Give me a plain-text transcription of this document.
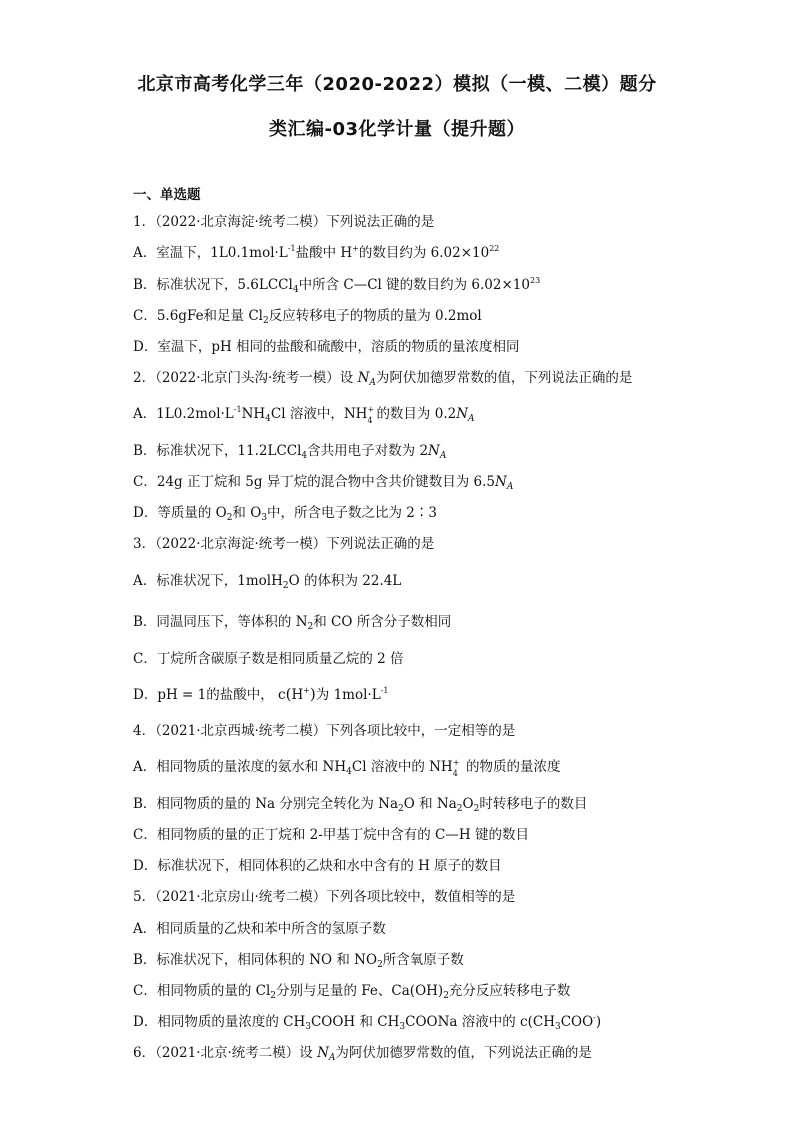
北京市高考化学三年（2020-2022）模拟（一模、二模）题分
类汇编-03化学计量（提升题）
一、单选题
1．（2022·北京海淀·统考二模）下列说法正确的是
A．室温下，$1L0.1mol\cdot L^{-1}$盐酸中 H+的数目约为 $6.02\times 10^{22}$
B．标准状况下，5.6LCCl$_4$中所含 C—Cl 键的数目约为 $6.02\times 10^{23}$
C．5.6gFe和足量 $Cl_2$反应转移电子的物质的量为 0.2mol
D．室温下，pH 相同的盐酸和硫酸中，溶质的物质的量浓度相同
2．（2022·北京门头沟·统考一模）设 $N_A$为阿伏加德罗常数的值，下列说法正确的是
A．$1L0.2mol\cdot L^{-1}NH_4Cl$ 溶液中，NH +
4 的数目为 $0.2N_A$
B．标准状况下，11.2LCCl$_4$含共用电子对数为 $2N_A$
C．24g 正丁烷和 5g 异丁烷的混合物中含共价键数目为 $6.5N_A$
D．等质量的 $O_2$和 $O_3$中，所含电子数之比为 2∶3
3．（2022·北京海淀·统考一模）下列说法正确的是
A．标准状况下，1molH$_2$O 的体积为 22.4L
B．同温同压下，等体积的 $N_2$和 CO 所含分子数相同
C．丁烷所含碳原子数是相同质量乙烷的 2 倍
D．pH = 1的盐酸中， c(H+)为 $1mol\cdot L^{-1}$
4．（2021·北京西城·统考二模）下列各项比较中，一定相等的是
A．相同物质的量浓度的氨水和 $NH_4Cl$ 溶液中的 NH +
4 的物质的量浓度
B．相同物质的量的 Na 分别完全转化为 $Na_2O$ 和 $Na_2O_2$时转移电子的数目
C．相同物质的量的正丁烷和 2-甲基丁烷中含有的 C—H 键的数目
D．标准状况下，相同体积的乙炔和水中含有的 H 原子的数目
5．（2021·北京房山·统考二模）下列各项比较中，数值相等的是
A．相同质量的乙炔和苯中所含的氢原子数
B．标准状况下，相同体积的 NO 和 $NO_2$所含氧原子数
C．相同物质的量的 $Cl_2$分别与足量的 Fe、$Ca(OH)_2$充分反应转移电子数
D．相同物质的量浓度的 $CH_3COOH$ 和 $CH_3COONa$ 溶液中的 $c(CH_3COO^-)$
6．（2021·北京·统考二模）设 $N_A$为阿伏加德罗常数的值，下列说法正确的是
